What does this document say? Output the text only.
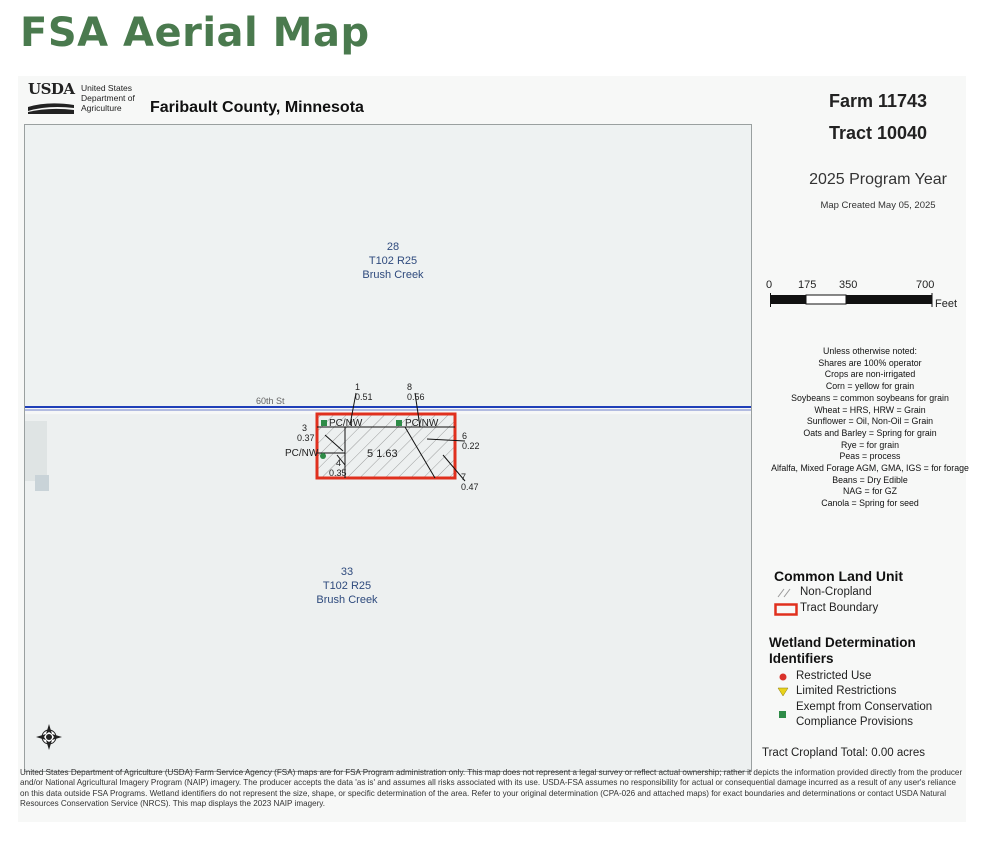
FSA Aerial Map
USDA United States
Department of
Agriculture	Faribault County, Minnesota
28
T102 R25
Brush Creek
33
T102 R25
Brush Creek
60th St
1
0.51
8
0.56
3
0.37	6
0.22
4
0.35
5 1.63
7
0.47
PC/NW	PC/NW
PC/NW
Farm 11743
Tract 10040
2025 Program Year
Map Created May 05, 2025
0 175 350	700
Feet
Unless otherwise noted:
Shares are 100% operator
Crops are non-irrigated
Corn = yellow for grain
Soybeans = common soybeans for grain
Wheat = HRS, HRW = Grain
Sunflower = Oil, Non-Oil = Grain
Oats and Barley = Spring for grain
Rye = for grain
Peas = process
Alfalfa, Mixed Forage AGM, GMA, IGS = for forage
Beans = Dry Edible
NAG = for GZ
Canola = Spring for seed
Common Land Unit
Non-Cropland
Tract Boundary
Wetland Determination
Identifiers
Restricted Use
Limited Restrictions
Exempt from Conservation
Compliance Provisions
Tract Cropland Total: 0.00 acres
United States Department of Agriculture (USDA) Farm Service Agency (FSA) maps are for FSA Program administration only. This map does not represent a legal survey or reflect actual ownership; rather it depicts the information provided directly from the producer and/or National Agricultural Imagery Program (NAIP) imagery. The producer accepts the data 'as is' and assumes all risks associated with its use. USDA-FSA assumes no responsibility for actual or consequential damage incurred as a result of any user's reliance on this data outside FSA Programs. Wetland identifiers do not represent the size, shape, or specific determination of the area. Refer to your original determination (CPA-026 and attached maps) for exact boundaries and determinations or contact USDA Natural Resources Conservation Service (NRCS). This map displays the 2023 NAIP imagery.
